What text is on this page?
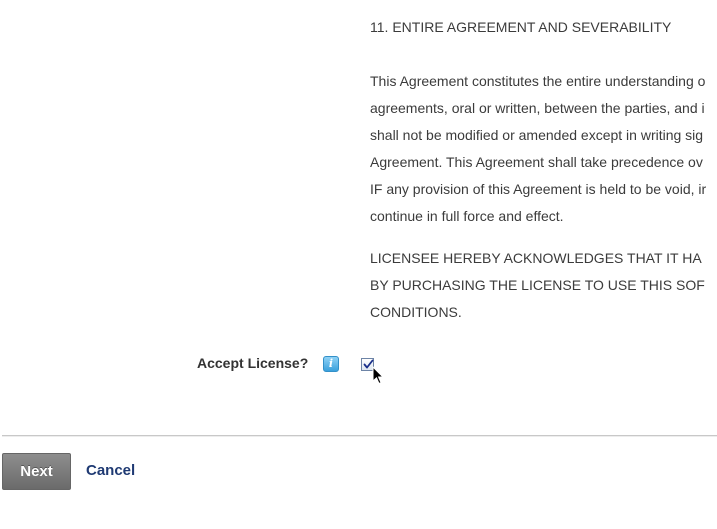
11. ENTIRE AGREEMENT AND SEVERABILITY
This Agreement constitutes the entire understanding o
agreements, oral or written, between the parties, and i
shall not be modified or amended except in writing sig
Agreement. This Agreement shall take precedence ov
IF any provision of this Agreement is held to be void, ir
continue in full force and effect.
LICENSEE HEREBY ACKNOWLEDGES THAT IT HA
BY PURCHASING THE LICENSE TO USE THIS SOF
CONDITIONS.
Accept License?	i
Next	Cancel
